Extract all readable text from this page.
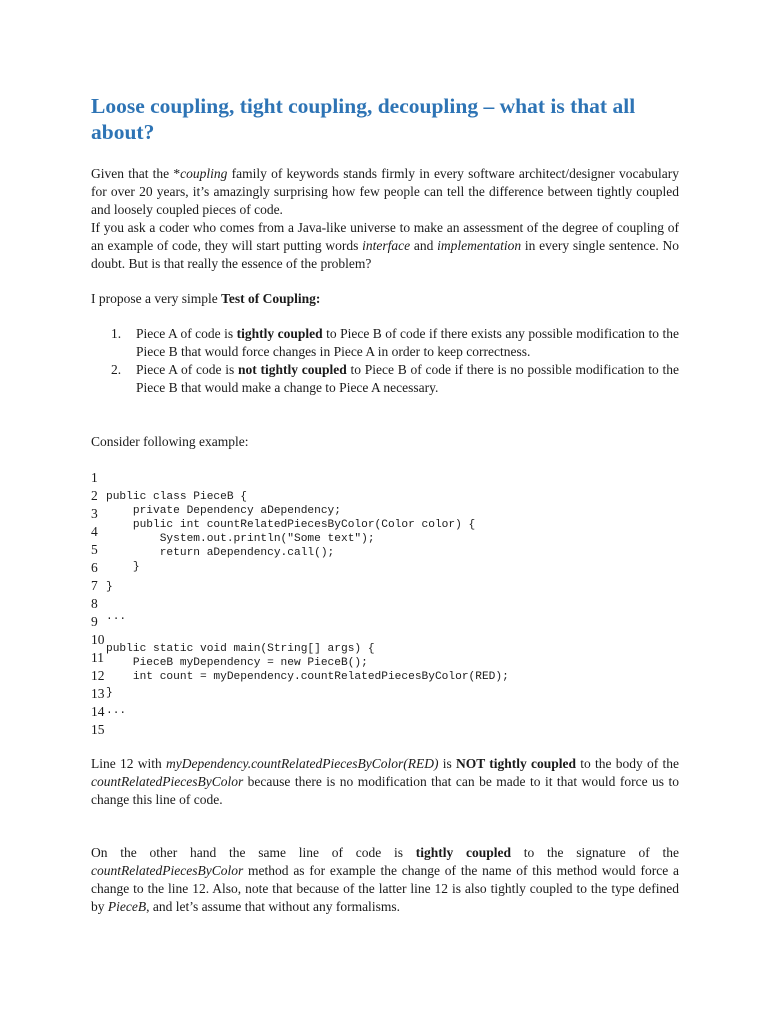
Loose coupling, tight coupling, decoupling – what is that all about?

Given that the *coupling family of keywords stands firmly in every software architect/designer vocabulary for over 20 years, it’s amazingly surprising how few people can tell the difference between tightly coupled and loosely coupled pieces of code.

If you ask a coder who comes from a Java-like universe to make an assessment of the degree of coupling of an example of code, they will start putting words interface and implementation in every single sentence. No doubt. But is that really the essence of the problem?

I propose a very simple Test of Coupling:

1. Piece A of code is tightly coupled to Piece B of code if there exists any possible modification to the Piece B that would force changes in Piece A in order to keep correctness.
2. Piece A of code is not tightly coupled to Piece B of code if there is no possible modification to the Piece B that would make a change to Piece A necessary.

Consider following example:

1
2
3
4
5
6
7
8
9
10
11
12
13
14
15
public class PieceB {
private Dependency aDependency;
public int countRelatedPiecesByColor(Color color) {
System.out.println("Some text");
return aDependency.call();
}
}
...
public static void main(String[] args) {
PieceB myDependency = new PieceB();
int count = myDependency.countRelatedPiecesByColor(RED);
}
...

Line 12 with myDependency.countRelatedPiecesByColor(RED) is NOT tightly coupled to the body of the countRelatedPiecesByColor because there is no modification that can be made to it that would force us to change this line of code.

On the other hand the same line of code is tightly coupled to the signature of the countRelatedPiecesByColor method as for example the change of the name of this method would force a change to the line 12. Also, note that because of the latter line 12 is also tightly coupled to the type defined by PieceB, and let’s assume that without any formalisms.
